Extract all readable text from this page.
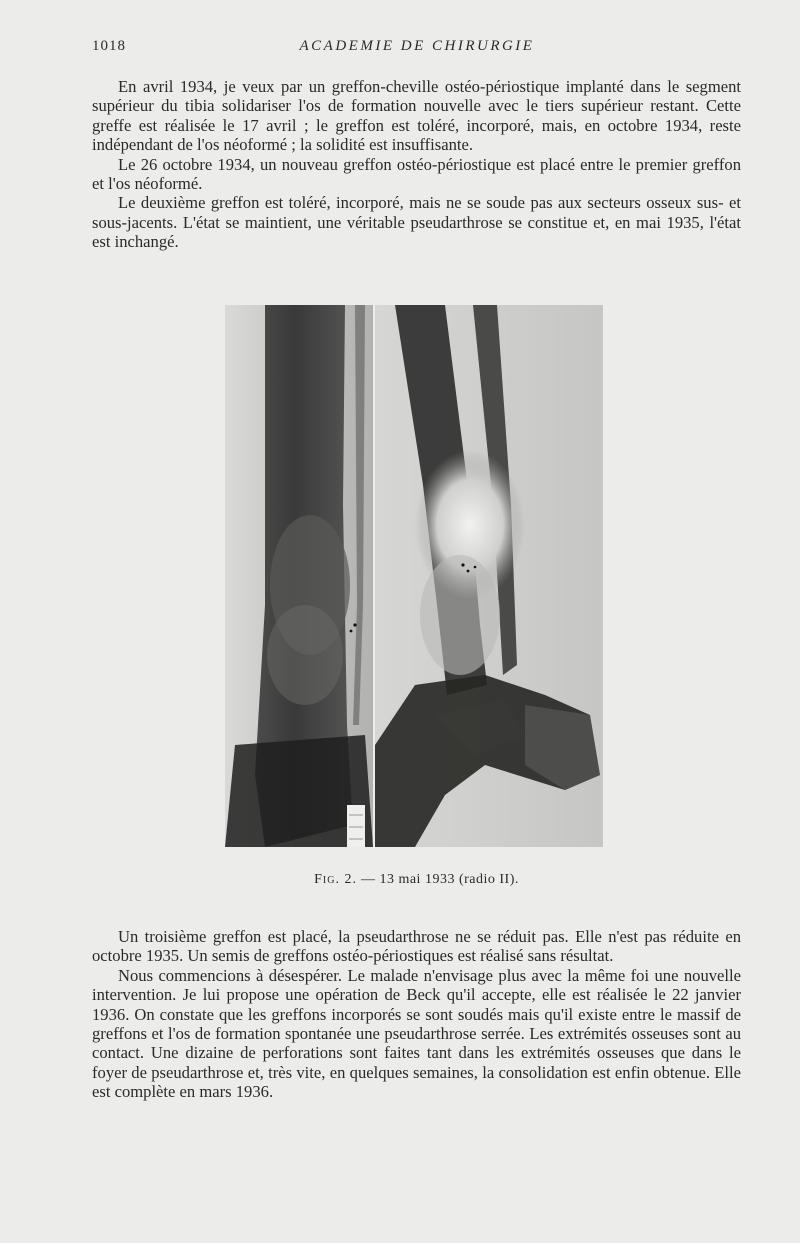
1018	ACADEMIE DE CHIRURGIE

En avril 1934, je veux par un greffon-cheville ostéo-périostique implanté dans le segment supérieur du tibia solidariser l'os de formation nouvelle avec le tiers supérieur restant. Cette greffe est réalisée le 17 avril ; le greffon est toléré, incorporé, mais, en octobre 1934, reste indépendant de l'os néoformé ; la solidité est insuffisante.

Le 26 octobre 1934, un nouveau greffon ostéo-périostique est placé entre le premier greffon et l'os néoformé.

Le deuxième greffon est toléré, incorporé, mais ne se soude pas aux secteurs osseux sus- et sous-jacents. L'état se maintient, une véritable pseudarthrose se constitue et, en mai 1935, l'état est inchangé.

Fig. 2. — 13 mai 1933 (radio II).

Un troisième greffon est placé, la pseudarthrose ne se réduit pas. Elle n'est pas réduite en octobre 1935. Un semis de greffons ostéo-périostiques est réalisé sans résultat.

Nous commencions à désespérer. Le malade n'envisage plus avec la même foi une nouvelle intervention. Je lui propose une opération de Beck qu'il accepte, elle est réalisée le 22 janvier 1936. On constate que les greffons incorporés se sont soudés mais qu'il existe entre le massif de greffons et l'os de formation spontanée une pseudarthrose serrée. Les extrémités osseuses sont au contact. Une dizaine de perforations sont faites tant dans les extrémités osseuses que dans le foyer de pseudarthrose et, très vite, en quelques semaines, la consolidation est enfin obtenue. Elle est complète en mars 1936.
